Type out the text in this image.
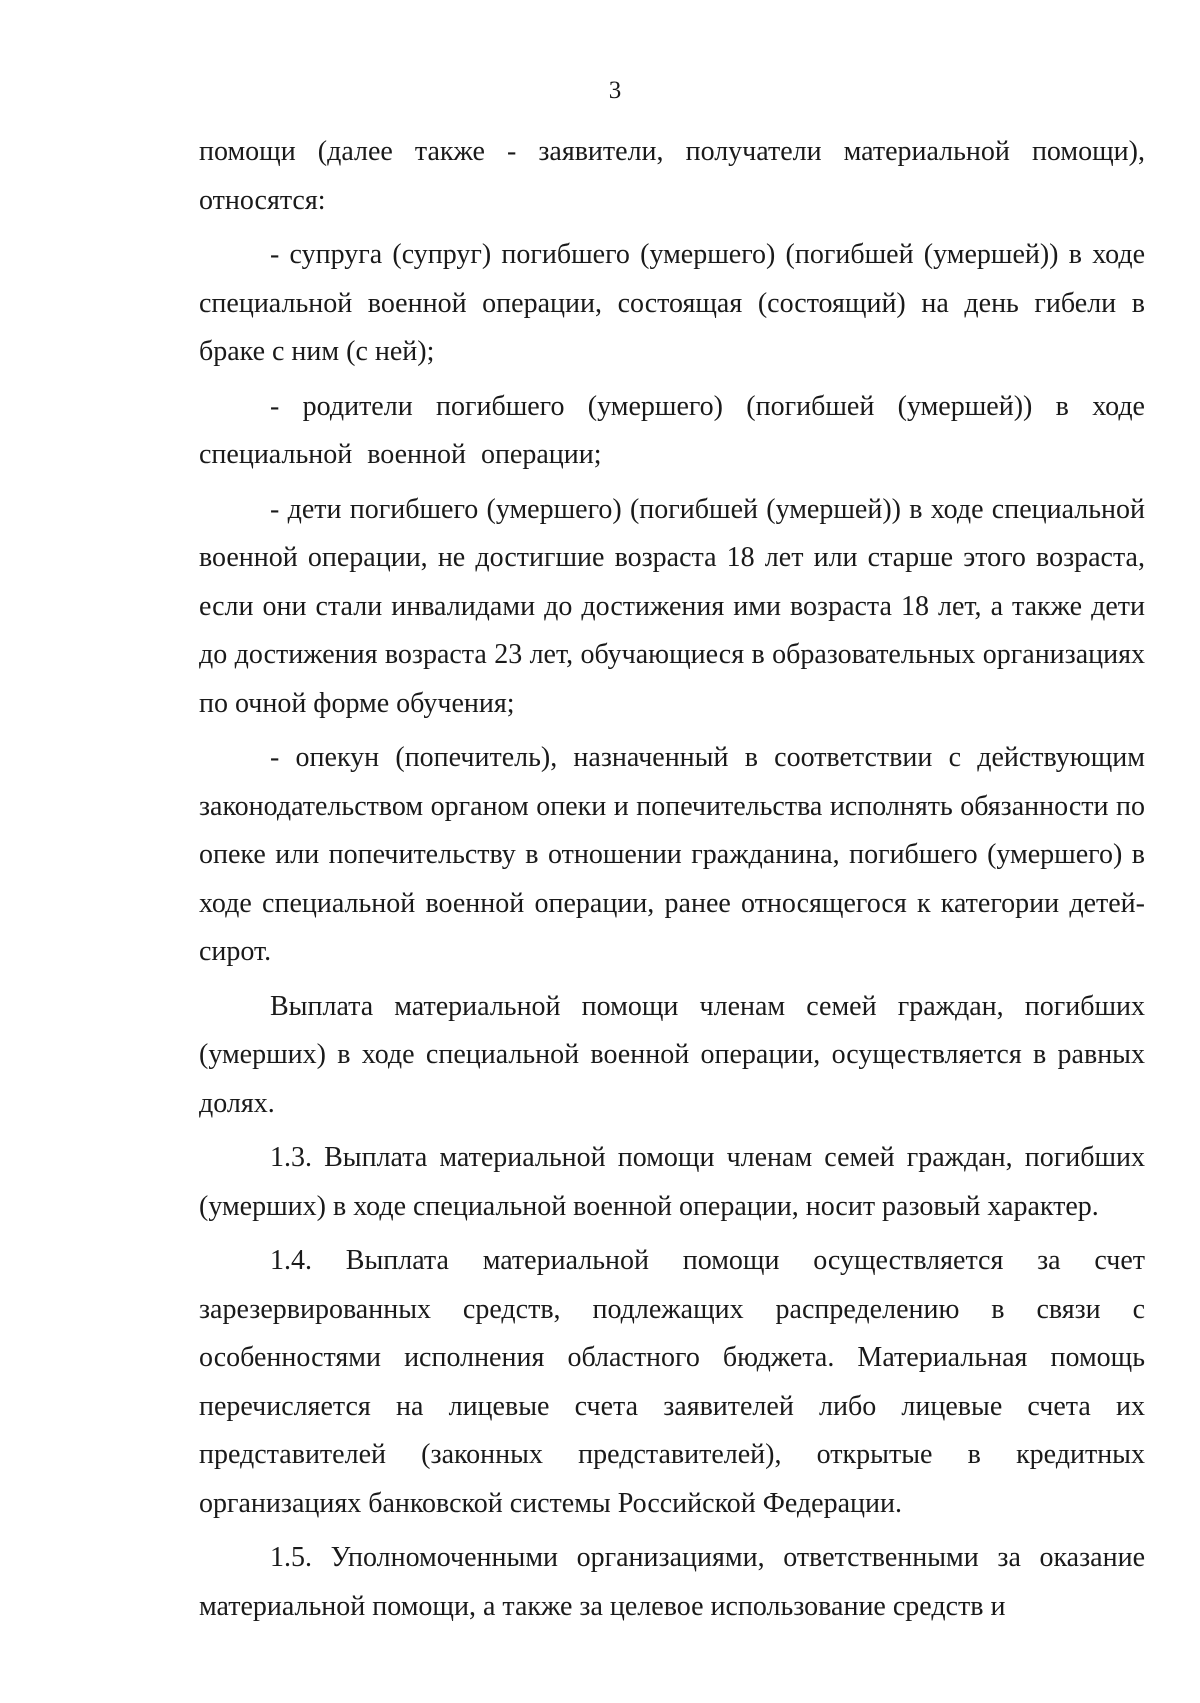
3

помощи (далее также - заявители, получатели материальной помощи), относятся:

- супруга (супруг) погибшего (умершего) (погибшей (умершей)) в ходе специальной военной операции, состоящая (состоящий) на день гибели в браке с ним (с ней);

- родители погибшего (умершего) (погибшей (умершей)) в ходе специальной военной операции;

- дети погибшего (умершего) (погибшей (умершей)) в ходе специальной военной операции, не достигшие возраста 18 лет или старше этого возраста, если они стали инвалидами до достижения ими возраста 18 лет, а также дети до достижения возраста 23 лет, обучающиеся в образовательных организациях по очной форме обучения;

- опекун (попечитель), назначенный в соответствии с действующим законодательством органом опеки и попечительства исполнять обязанности по опеке или попечительству в отношении гражданина, погибшего (умершего) в ходе специальной военной операции, ранее относящегося к категории детей-сирот.

Выплата материальной помощи членам семей граждан, погибших (умерших) в ходе специальной военной операции, осуществляется в равных долях.

1.3. Выплата материальной помощи членам семей граждан, погибших (умерших) в ходе специальной военной операции, носит разовый характер.

1.4. Выплата материальной помощи осуществляется за счет зарезервированных средств, подлежащих распределению в связи с особенностями исполнения областного бюджета. Материальная помощь перечисляется на лицевые счета заявителей либо лицевые счета их представителей (законных представителей), открытые в кредитных организациях банковской системы Российской Федерации.

1.5. Уполномоченными организациями, ответственными за оказание материальной помощи, а также за целевое использование средств и
